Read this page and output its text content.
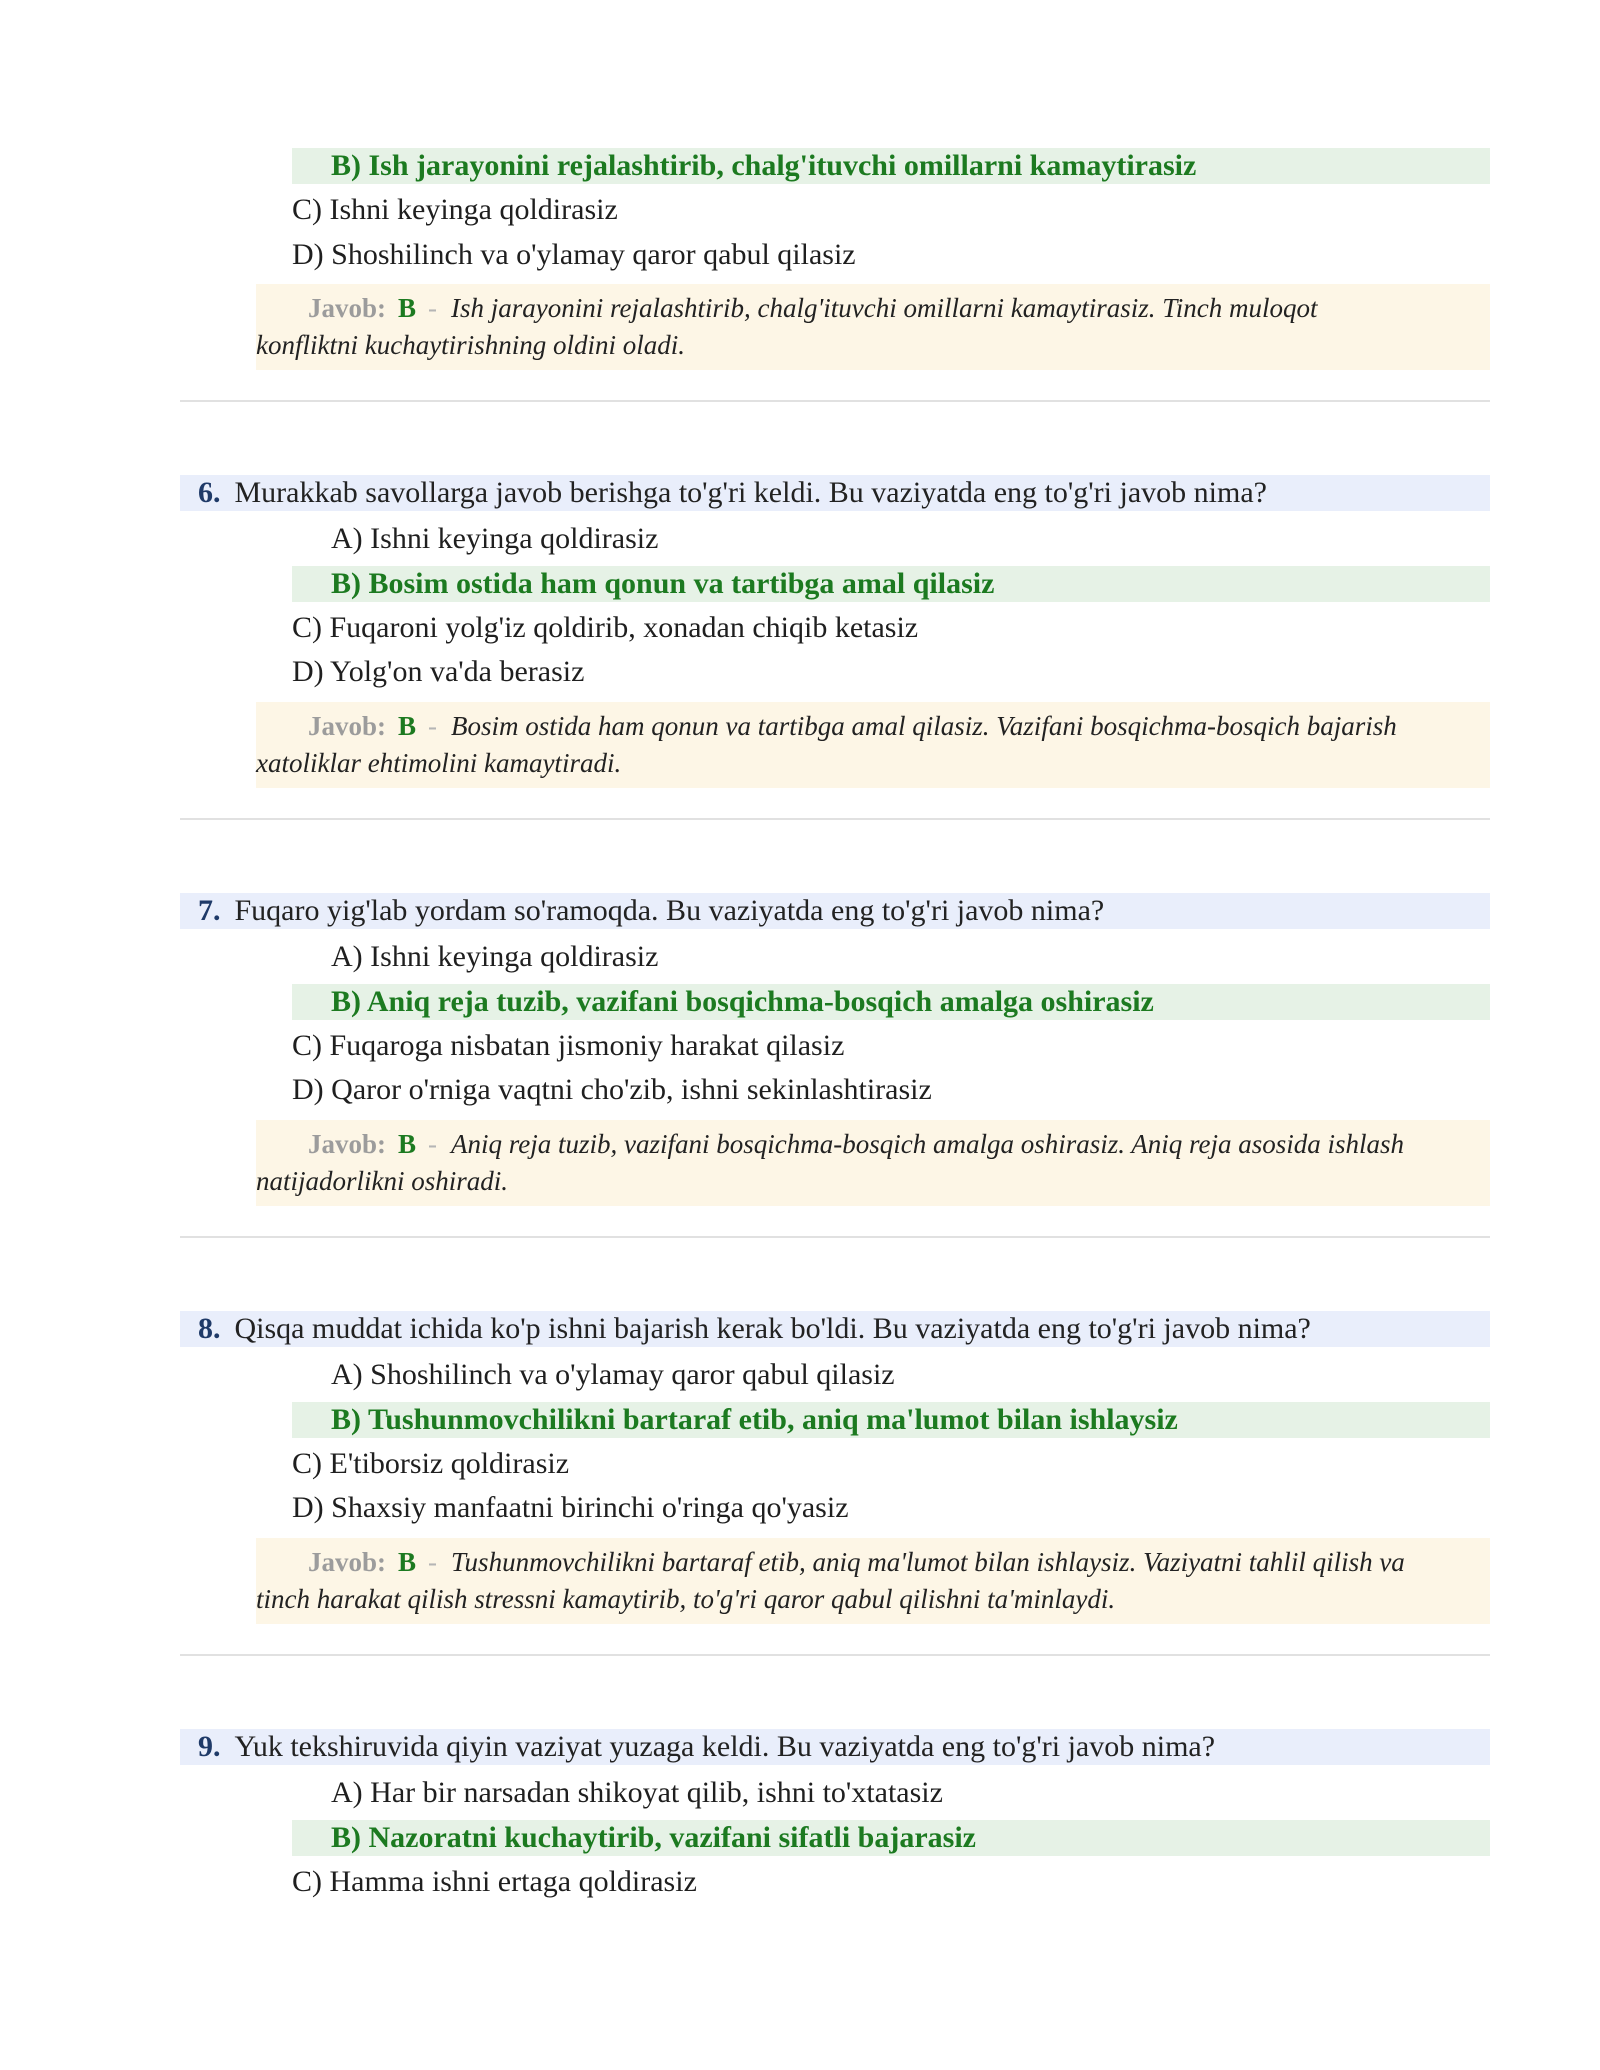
B) Ish jarayonini rejalashtirib, chalg'ituvchi omillarni kamaytirasiz
C) Ishni keyinga qoldirasiz
D) Shoshilinch va o'ylamay qaror qabul qilasiz
Javob: B - Ish jarayonini rejalashtirib, chalg'ituvchi omillarni kamaytirasiz. Tinch muloqot
konfliktni kuchaytirishning oldini oladi.
6. Murakkab savollarga javob berishga to'g'ri keldi. Bu vaziyatda eng to'g'ri javob nima?
A) Ishni keyinga qoldirasiz
B) Bosim ostida ham qonun va tartibga amal qilasiz
C) Fuqaroni yolg'iz qoldirib, xonadan chiqib ketasiz
D) Yolg'on va'da berasiz
Javob: B - Bosim ostida ham qonun va tartibga amal qilasiz. Vazifani bosqichma-bosqich bajarish
xatoliklar ehtimolini kamaytiradi.
7. Fuqaro yig'lab yordam so'ramoqda. Bu vaziyatda eng to'g'ri javob nima?
A) Ishni keyinga qoldirasiz
B) Aniq reja tuzib, vazifani bosqichma-bosqich amalga oshirasiz
C) Fuqaroga nisbatan jismoniy harakat qilasiz
D) Qaror o'rniga vaqtni cho'zib, ishni sekinlashtirasiz
Javob: B - Aniq reja tuzib, vazifani bosqichma-bosqich amalga oshirasiz. Aniq reja asosida ishlash
natijadorlikni oshiradi.
8. Qisqa muddat ichida ko'p ishni bajarish kerak bo'ldi. Bu vaziyatda eng to'g'ri javob nima?
A) Shoshilinch va o'ylamay qaror qabul qilasiz
B) Tushunmovchilikni bartaraf etib, aniq ma'lumot bilan ishlaysiz
C) E'tiborsiz qoldirasiz
D) Shaxsiy manfaatni birinchi o'ringa qo'yasiz
Javob: B - Tushunmovchilikni bartaraf etib, aniq ma'lumot bilan ishlaysiz. Vaziyatni tahlil qilish va
tinch harakat qilish stressni kamaytirib, to'g'ri qaror qabul qilishni ta'minlaydi.
9. Yuk tekshiruvida qiyin vaziyat yuzaga keldi. Bu vaziyatda eng to'g'ri javob nima?
A) Har bir narsadan shikoyat qilib, ishni to'xtatasiz
B) Nazoratni kuchaytirib, vazifani sifatli bajarasiz
C) Hamma ishni ertaga qoldirasiz
